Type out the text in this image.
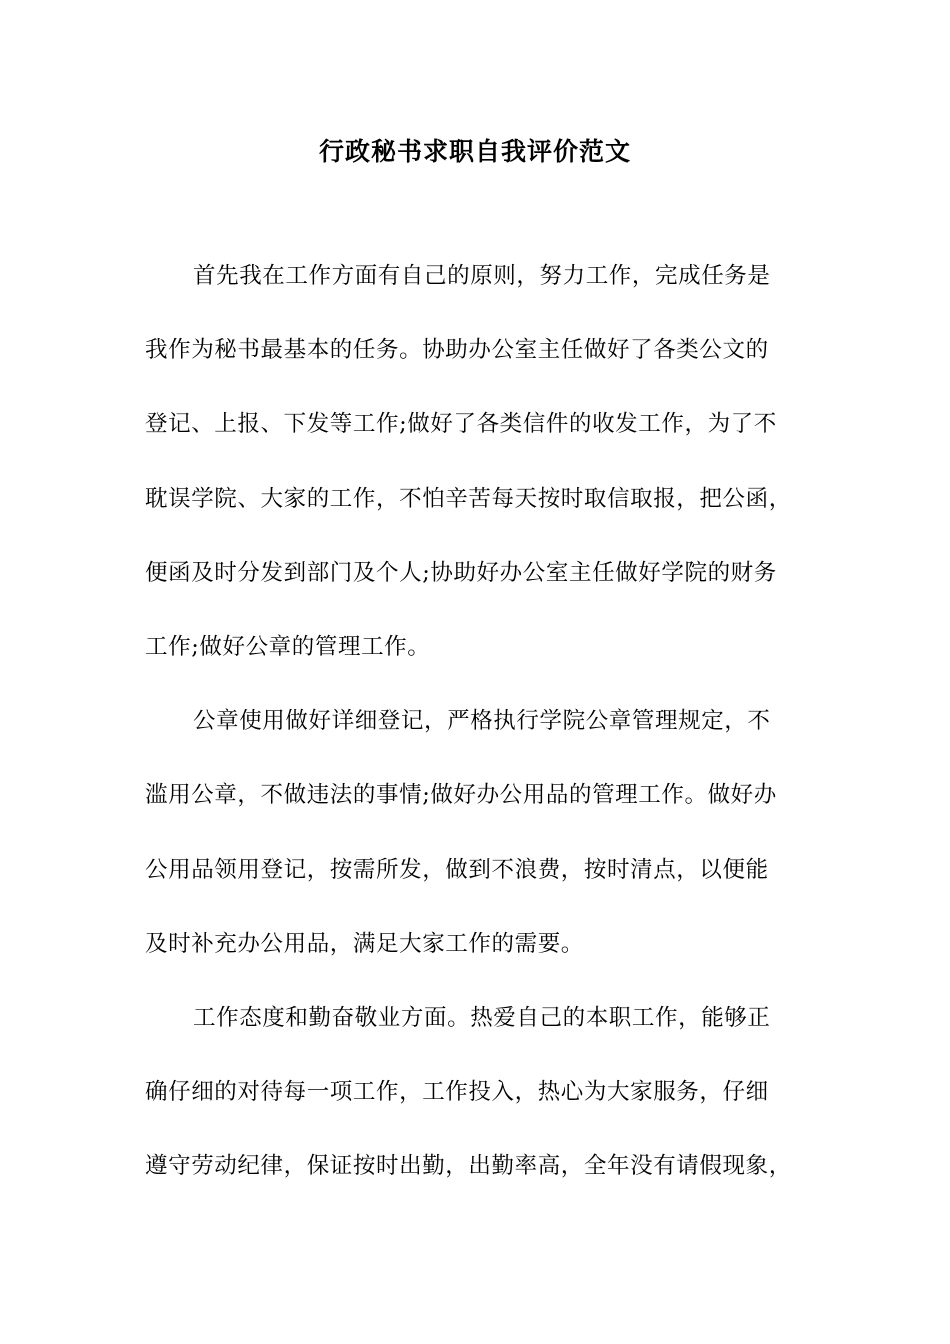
行政秘书求职自我评价范文
首先我在工作方面有自己的原则，努力工作，完成任务是
我作为秘书最基本的任务。协助办公室主任做好了各类公文的
登记、上报、下发等工作;做好了各类信件的收发工作，为了不
耽误学院、大家的工作，不怕辛苦每天按时取信取报，把公函，
便函及时分发到部门及个人;协助好办公室主任做好学院的财务
工作;做好公章的管理工作。
公章使用做好详细登记，严格执行学院公章管理规定，不
滥用公章，不做违法的事情;做好办公用品的管理工作。做好办
公用品领用登记，按需所发，做到不浪费，按时清点，以便能
及时补充办公用品，满足大家工作的需要。
工作态度和勤奋敬业方面。热爱自己的本职工作，能够正
确仔细的对待每一项工作，工作投入，热心为大家服务，仔细
遵守劳动纪律，保证按时出勤，出勤率高，全年没有请假现象，
